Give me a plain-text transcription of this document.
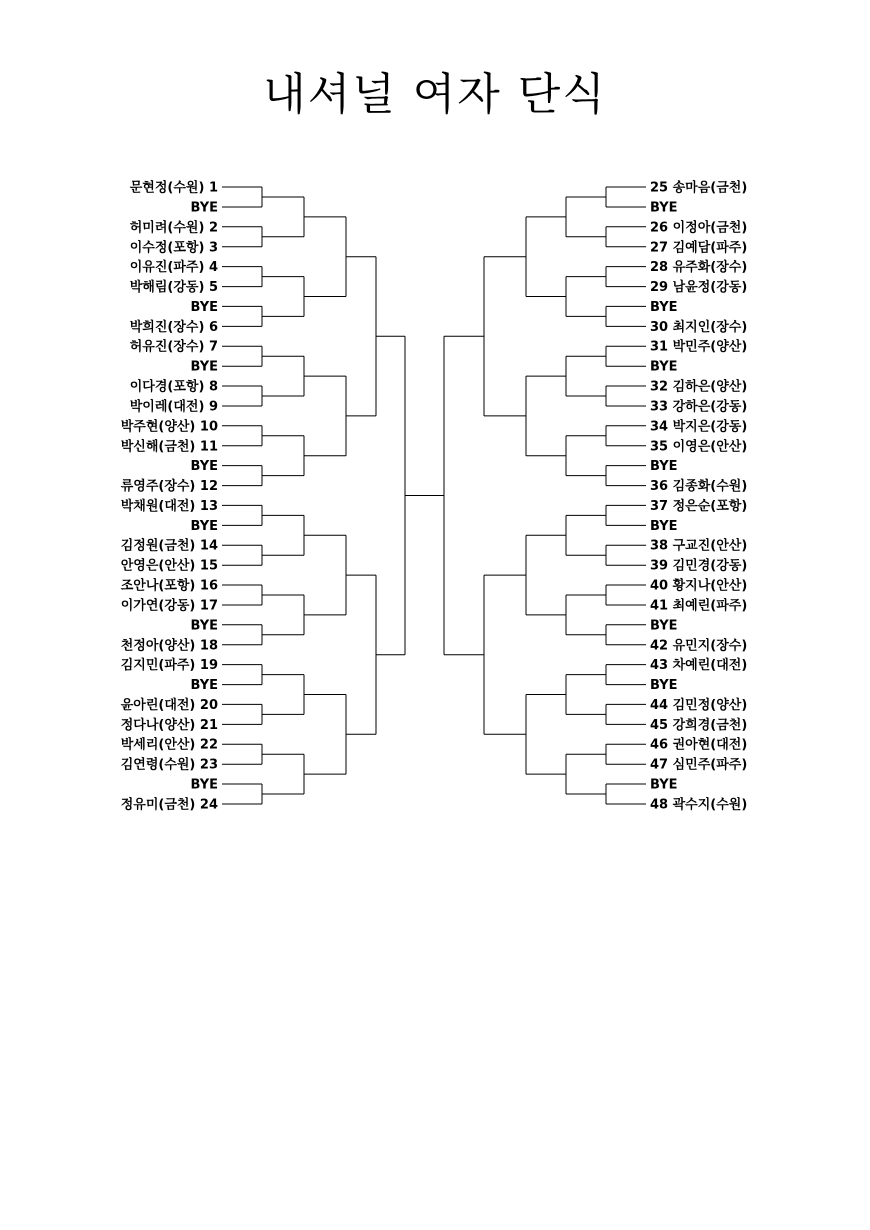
내셔널 여자 단식
문현정(수원) 1
BYE
허미려(수원) 2
이수정(포항) 3
이유진(파주) 4
박해림(강동) 5
BYE
박희진(장수) 6
허유진(장수) 7
BYE
이다경(포항) 8
박이레(대전) 9
박주현(양산) 10
박신해(금천) 11
BYE
류영주(장수) 12
박채원(대전) 13
BYE
김정원(금천) 14
안영은(안산) 15
조안나(포항) 16
이가연(강동) 17
BYE
천정아(양산) 18
김지민(파주) 19
BYE
윤아린(대전) 20
정다나(양산) 21
박세리(안산) 22
김연령(수원) 23
BYE
정유미(금천) 24
25 송마음(금천)
BYE
26 이정아(금천)
27 김예담(파주)
28 유주화(장수)
29 남윤정(강동)
BYE
30 최지인(장수)
31 박민주(양산)
BYE
32 김하은(양산)
33 강하은(강동)
34 박지은(강동)
35 이영은(안산)
BYE
36 김종화(수원)
37 정은순(포항)
BYE
38 구교진(안산)
39 김민경(강동)
40 황지나(안산)
41 최예린(파주)
BYE
42 유민지(장수)
43 차예린(대전)
BYE
44 김민정(양산)
45 강희경(금천)
46 권아현(대전)
47 심민주(파주)
BYE
48 곽수지(수원)
